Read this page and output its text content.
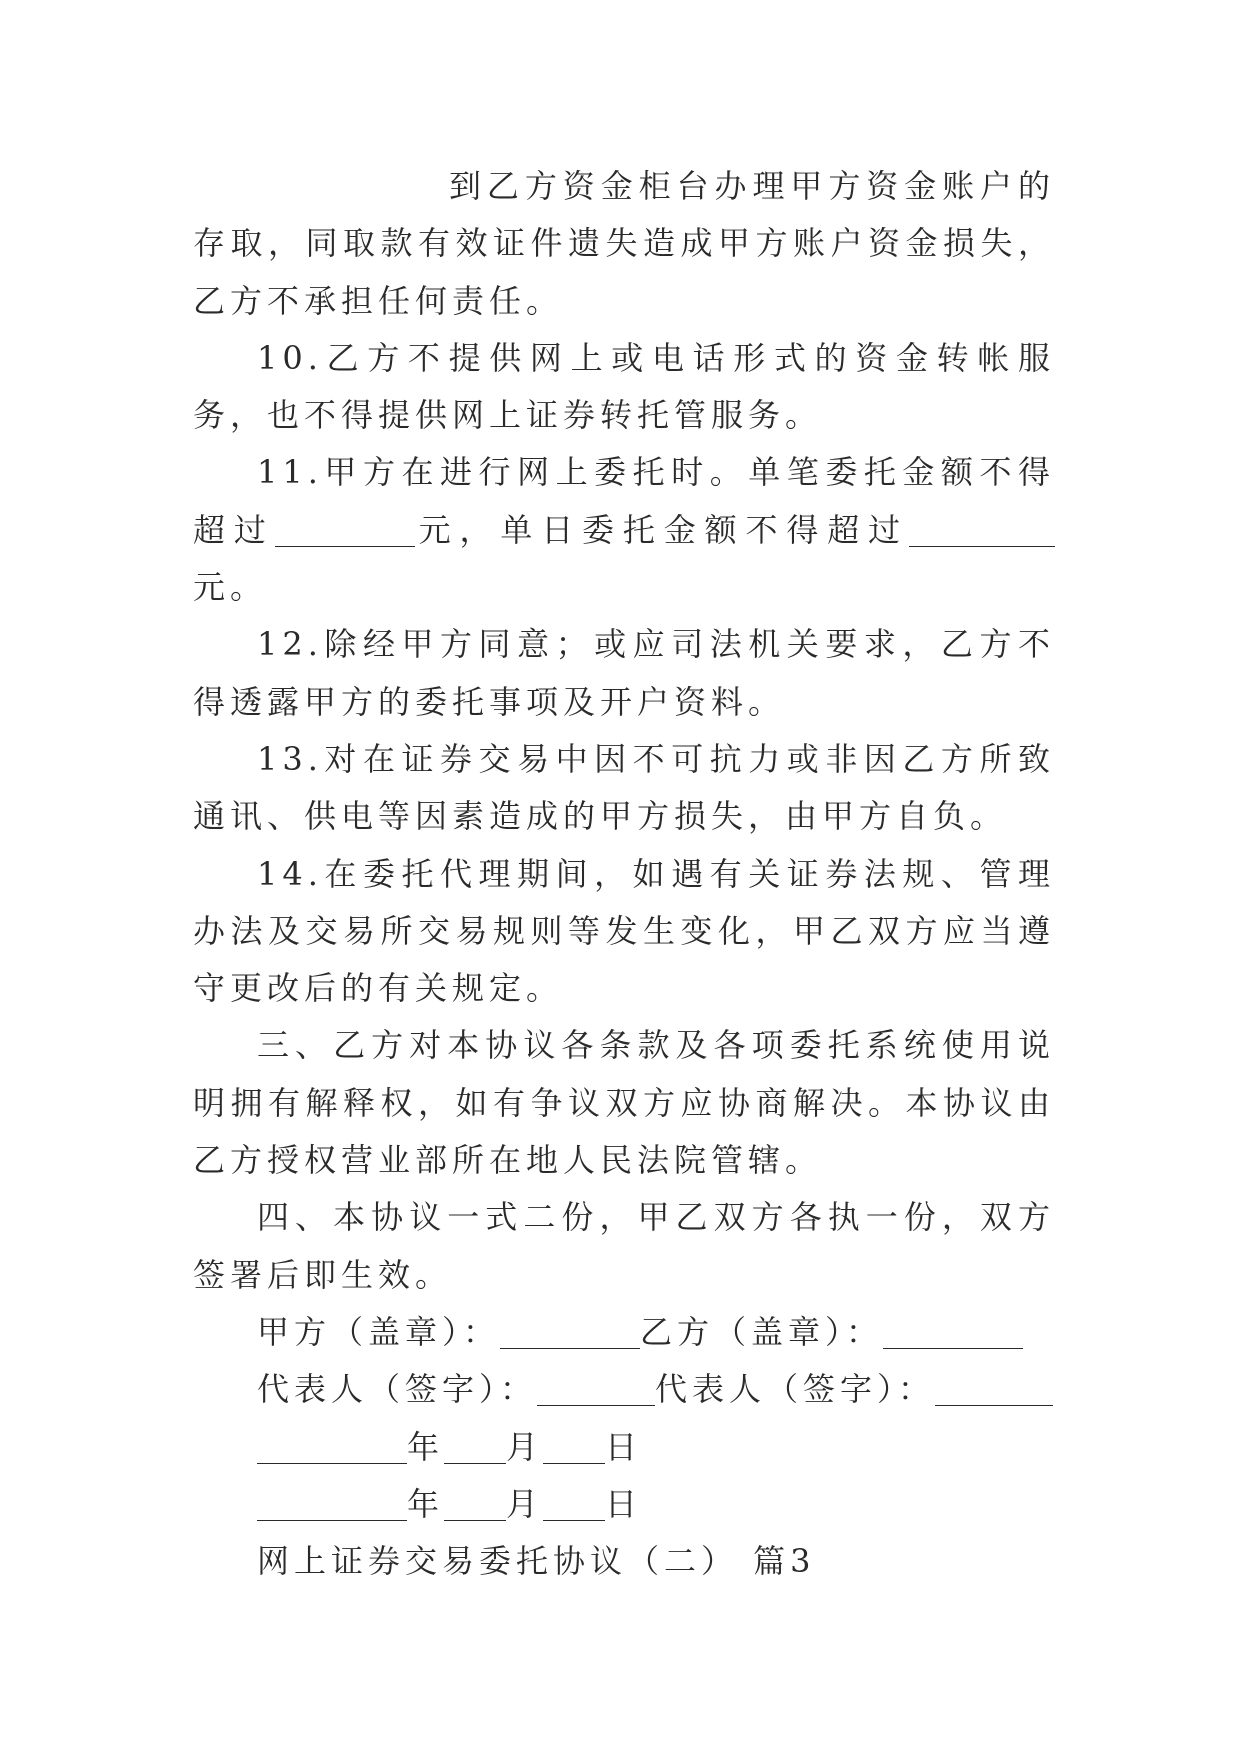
到乙方资金柜台办理甲方资金账户的存取，同取款有效证件遗失造成甲方账户资金损失，乙方不承担任何责任。

10.乙方不提供网上或电话形式的资金转帐服务，也不得提供网上证券转托管服务。

11.甲方在进行网上委托时。单笔委托金额不得超过	元，单日委托金额不得超过元。

12.除经甲方同意；或应司法机关要求，乙方不得透露甲方的委托事项及开户资料。

13.对在证券交易中因不可抗力或非因乙方所致通讯、供电等因素造成的甲方损失，由甲方自负。

14.在委托代理期间，如遇有关证券法规、管理办法及交易所交易规则等发生变化，甲乙双方应当遵守更改后的有关规定。

三、乙方对本协议各条款及各项委托系统使用说明拥有解释权，如有争议双方应协商解决。本协议由乙方授权营业部所在地人民法院管辖。

四、本协议一式二份，甲乙双方各执一份，双方签署后即生效。

甲方（盖章）：	乙方（盖章）：

代表人（签字）：	代表人（签字）：

年 月 日

年 月 日

网上证券交易委托协议（二） 篇3
